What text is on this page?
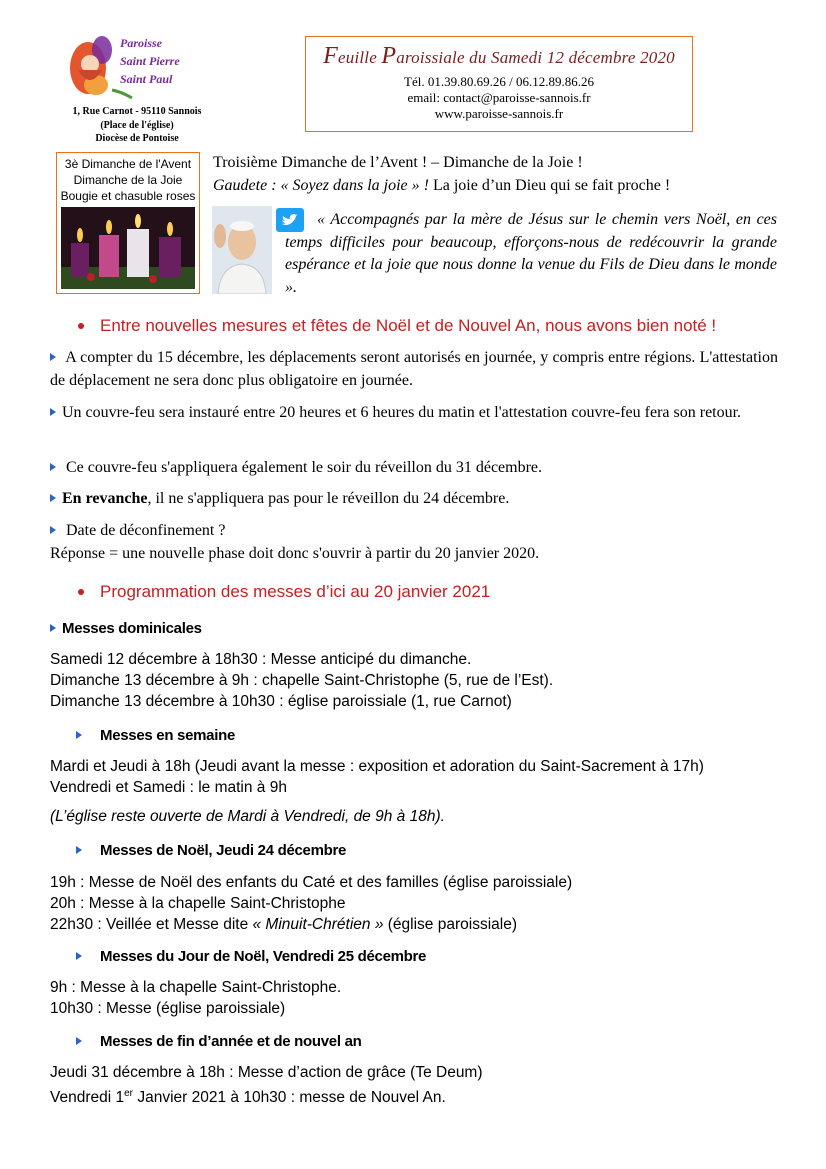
Paroisse
Saint Pierre
Saint Paul
1, Rue Carnot - 95110 Sannois
(Place de l'église)
Diocèse de Pontoise
Feuille Paroissiale du Samedi 12 décembre 2020
Tél. 01.39.80.69.26 / 06.12.89.86.26
email: contact@paroisse-sannois.fr
www.paroisse-sannois.fr
3è Dimanche de l'Avent
Dimanche de la Joie
Bougie et chasuble roses
Troisième Dimanche de l’Avent ! – Dimanche de la Joie !
Gaudete : « Soyez dans la joie » ! La joie d’un Dieu qui se fait proche !

« Accompagnés par la mère de Jésus sur le chemin vers Noël, en ces temps difficiles pour beaucoup, efforçons-nous de redécouvrir la grande espérance et la joie que nous donne la venue du Fils de Dieu dans le monde ».

Entre nouvelles mesures et fêtes de Noël et de Nouvel An, nous avons bien noté !

A compter du 15 décembre, les déplacements seront autorisés en journée, y compris entre régions. L'attestation de déplacement ne sera donc plus obligatoire en journée.

Un couvre-feu sera instauré entre 20 heures et 6 heures du matin et l'attestation couvre-feu fera son retour.

Ce couvre-feu s'appliquera également le soir du réveillon du 31 décembre.

En revanche, il ne s'appliquera pas pour le réveillon du 24 décembre.

Date de déconfinement ?
Réponse = une nouvelle phase doit donc s'ouvrir à partir du 20 janvier 2020.

Programmation des messes d’ici au 20 janvier 2021
Messes dominicales
Samedi 12 décembre à 18h30 : Messe anticipé du dimanche.
Dimanche 13 décembre à 9h : chapelle Saint-Christophe (5, rue de l’Est).
Dimanche 13 décembre à 10h30 : église paroissiale (1, rue Carnot)
Messes en semaine
Mardi et Jeudi à 18h (Jeudi avant la messe : exposition et adoration du Saint-Sacrement à 17h)
Vendredi et Samedi : le matin à 9h
(L’église reste ouverte de Mardi à Vendredi, de 9h à 18h).
Messes de Noël, Jeudi 24 décembre
19h : Messe de Noël des enfants du Caté et des familles (église paroissiale)
20h : Messe à la chapelle Saint-Christophe
22h30 : Veillée et Messe dite « Minuit-Chrétien » (église paroissiale)
Messes du Jour de Noël, Vendredi 25 décembre
9h : Messe à la chapelle Saint-Christophe.
10h30 : Messe (église paroissiale)
Messes de fin d’année et de nouvel an
Jeudi 31 décembre à 18h : Messe d’action de grâce (Te Deum)
Vendredi 1er Janvier 2021 à 10h30 : messe de Nouvel An.
